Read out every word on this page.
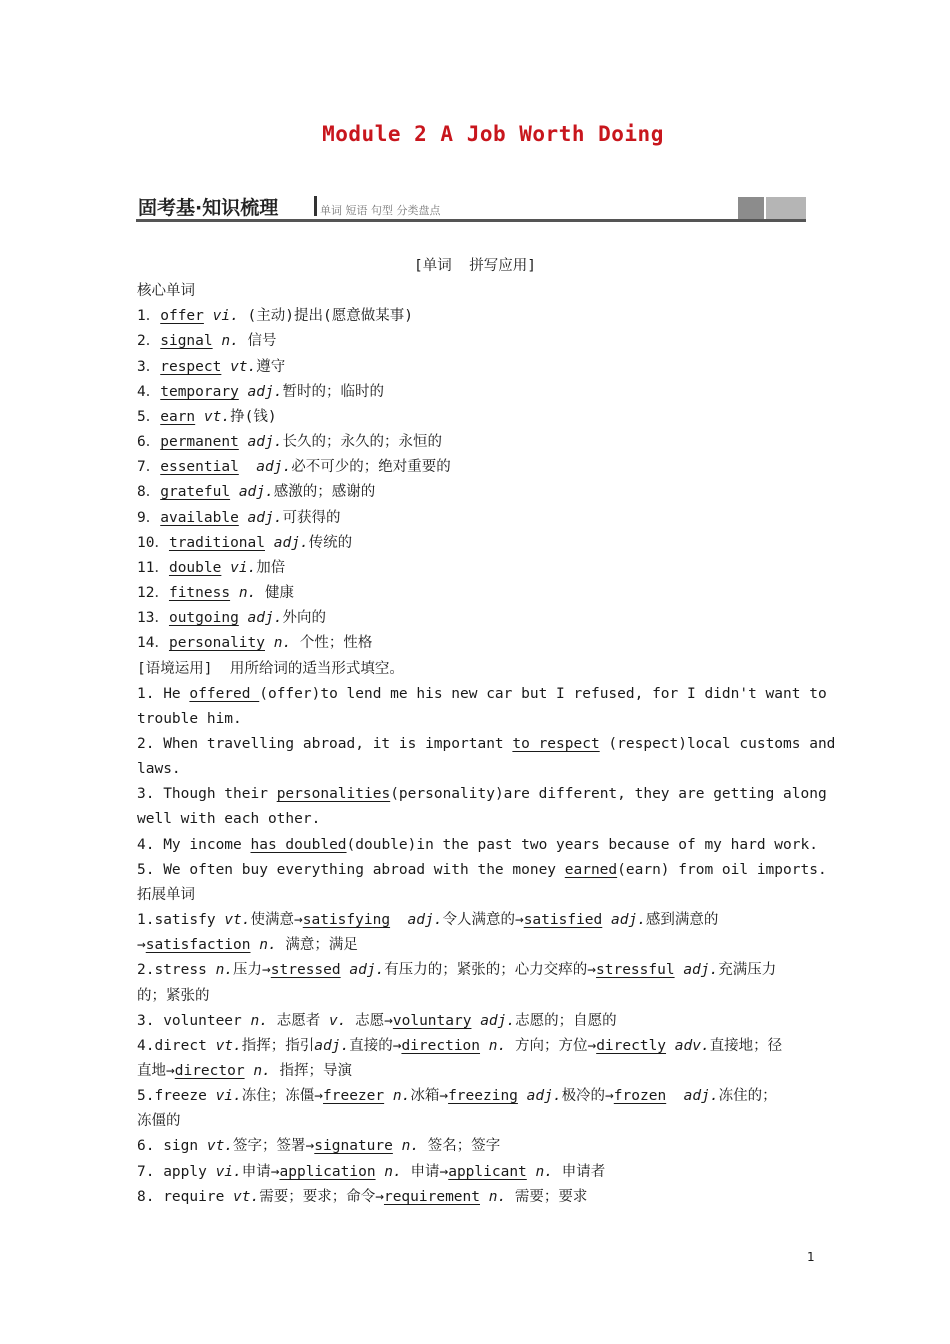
Module 2 A Job Worth Doing
固考基·知识梳理	单词 短语 句型 分类盘点
[单词  拼写应用]
核心单词
1．offer vi. (主动)提出(愿意做某事)
2．signal n. 信号
3．respect vt.遵守
4．temporary adj.暂时的；临时的
5．earn vt.挣(钱)
6．permanent adj.长久的；永久的；永恒的
7．essential  adj.必不可少的；绝对重要的
8．grateful adj.感激的；感谢的
9．available adj.可获得的
10．traditional adj.传统的
11．double vi.加倍
12．fitness n. 健康
13．outgoing adj.外向的
14．personality n. 个性；性格
[语境运用]  用所给词的适当形式填空。
1. He offered (offer)to lend me his new car but I refused, for I didn't want to
trouble him.
2. When travelling abroad, it is important to respect (respect)local customs and
laws.
3. Though their personalities(personality)are different, they are getting along
well with each other.
4. My income has doubled(double)in the past two years because of my hard work.
5. We often buy everything abroad with the money earned(earn) from oil imports.
拓展单词
1.satisfy vt.使满意→satisfying adj.令人满意的→satisfied adj.感到满意的
→satisfaction n. 满意；满足
2.stress n.压力→stressed adj.有压力的；紧张的；心力交瘁的→stressful adj.充满压力
的；紧张的
3. volunteer n. 志愿者 v. 志愿→voluntary adj.志愿的；自愿的
4.direct vt.指挥；指引adj.直接的→direction n. 方向；方位→directly adv.直接地；径
直地→director n. 指挥；导演
5.freeze vi.冻住；冻僵→freezer n.冰箱→freezing adj.极冷的→frozen adj.冻住的；
冻僵的
6. sign vt.签字；签署→signature n. 签名；签字
7. apply vi.申请→application n. 申请→applicant n. 申请者
8. require vt.需要；要求；命令→requirement n. 需要；要求
1
